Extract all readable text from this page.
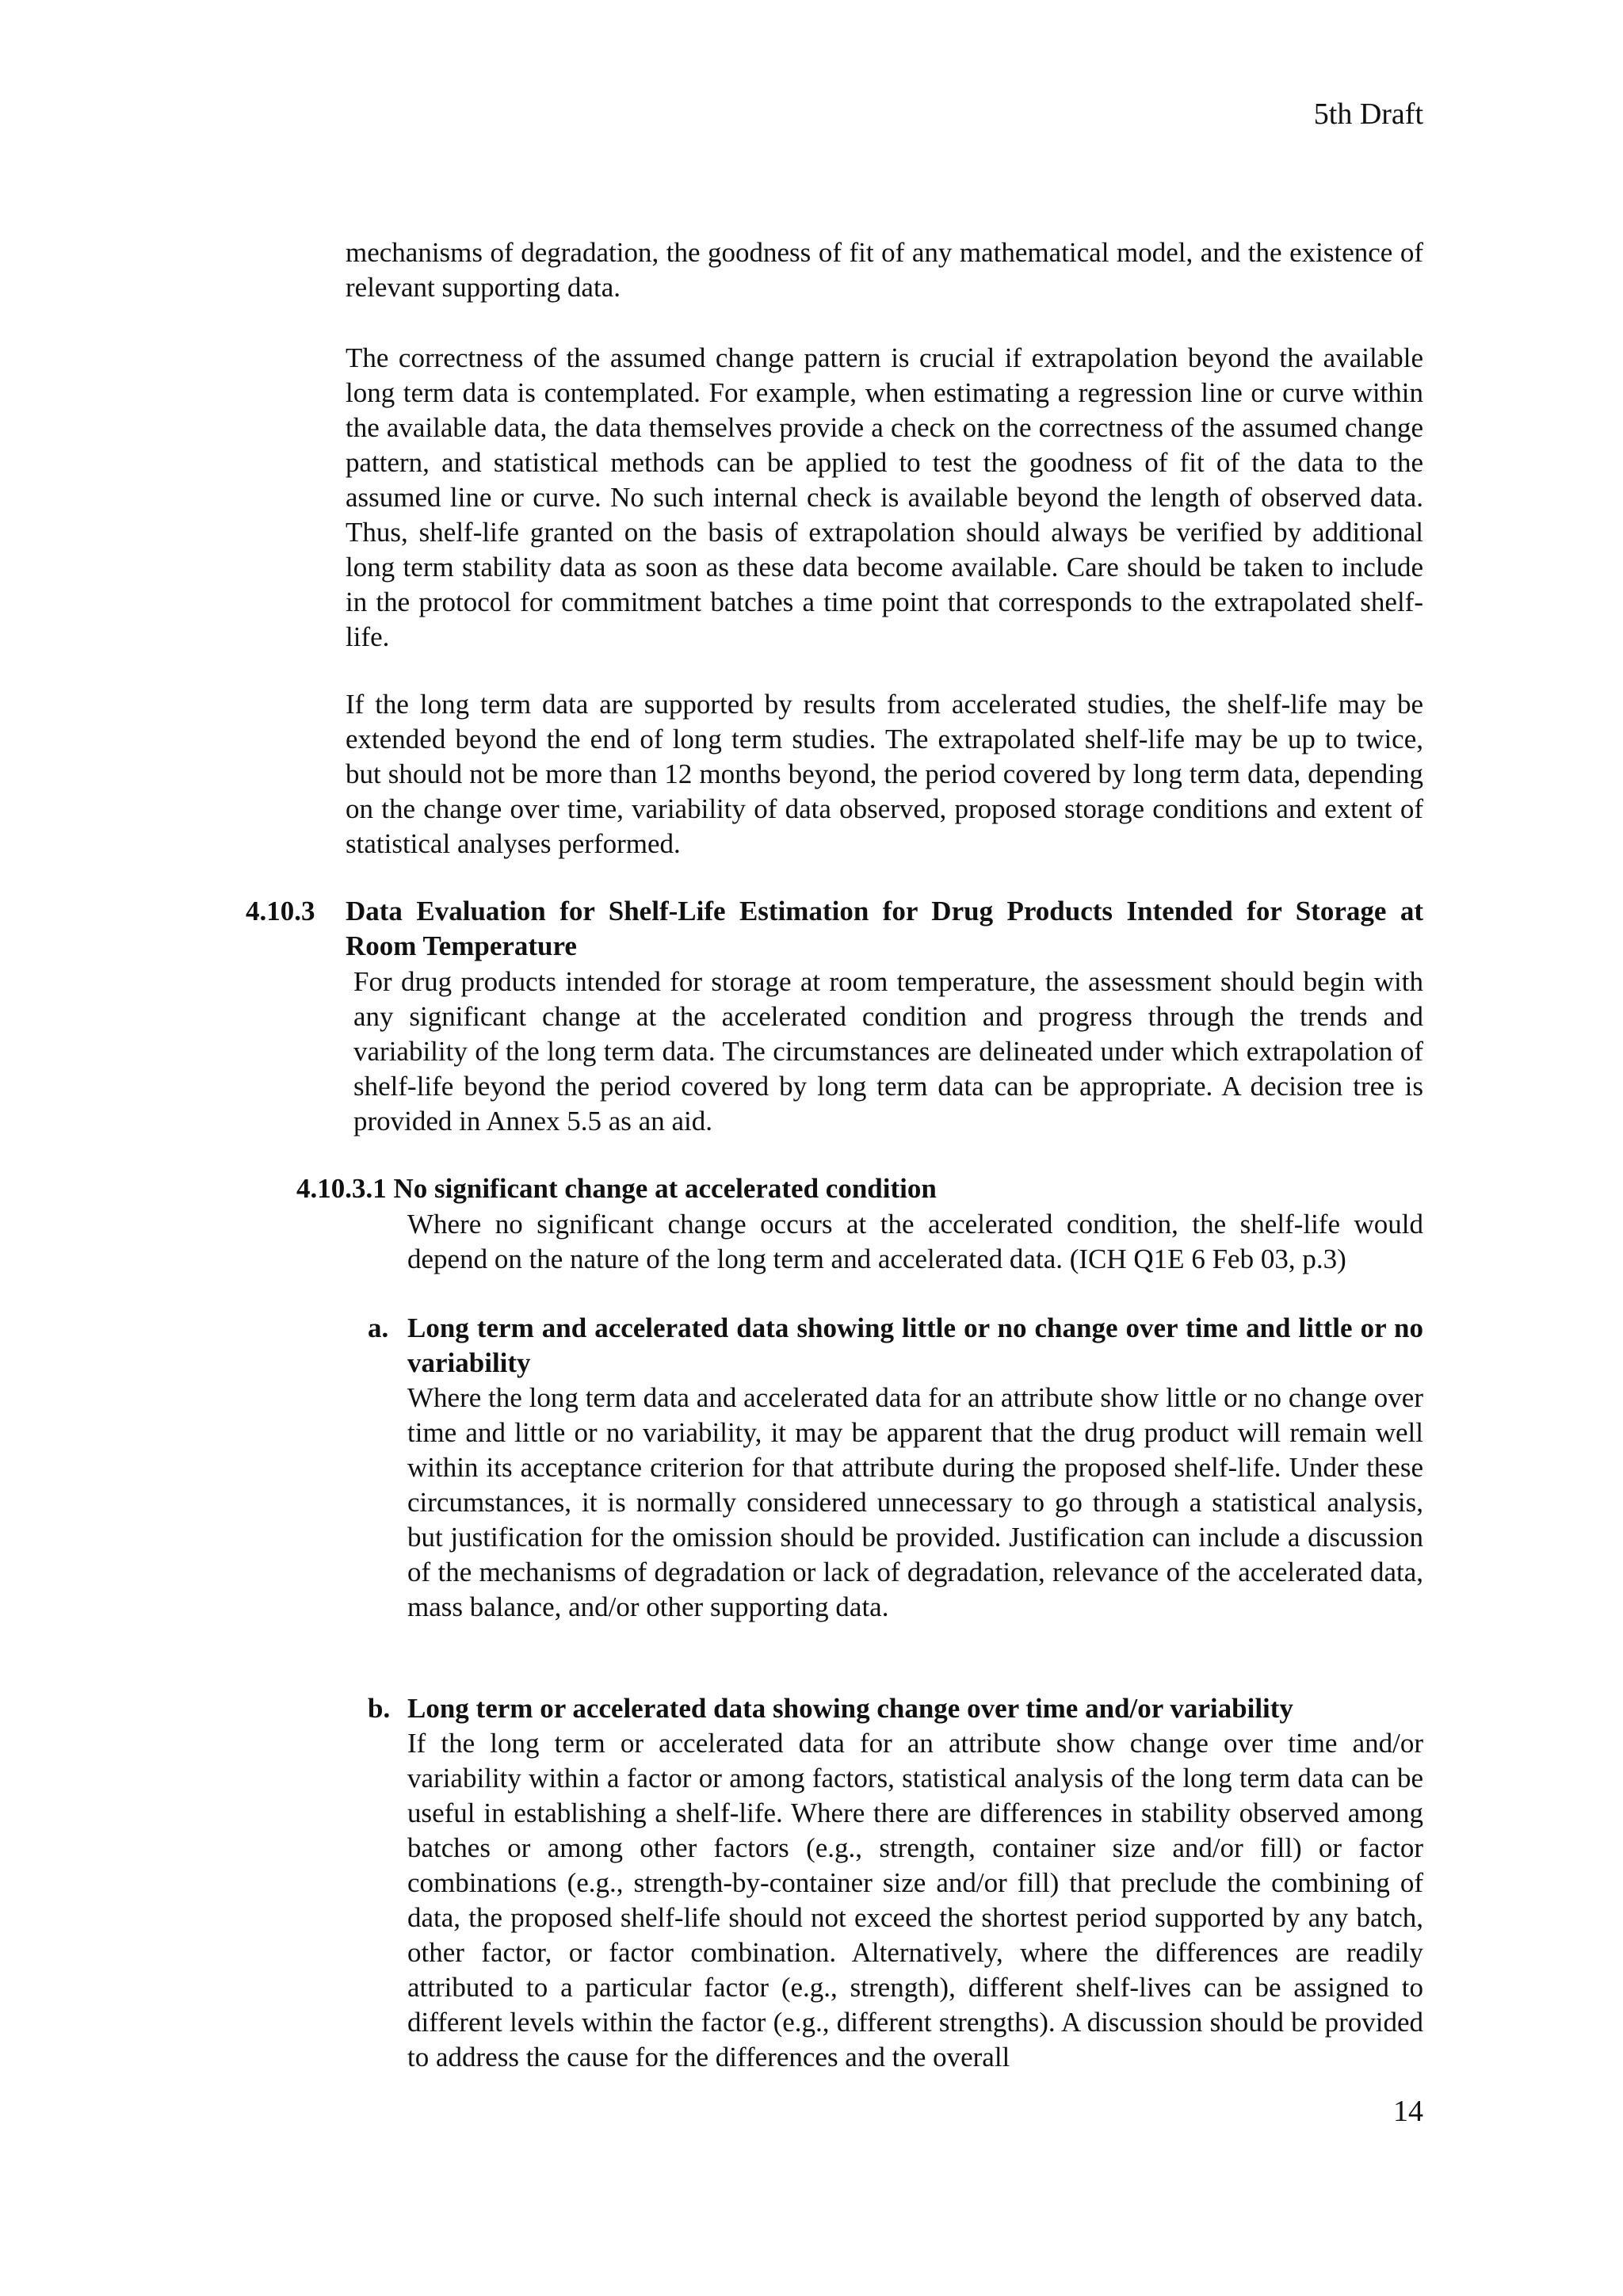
5th Draft

mechanisms of degradation, the goodness of fit of any mathematical model, and the existence of relevant supporting data.

The correctness of the assumed change pattern is crucial if extrapolation beyond the available long term data is contemplated. For example, when estimating a regression line or curve within the available data, the data themselves provide a check on the correctness of the assumed change pattern, and statistical methods can be applied to test the goodness of fit of the data to the assumed line or curve. No such internal check is available beyond the length of observed data. Thus, shelf-life granted on the basis of extrapolation should always be verified by additional long term stability data as soon as these data become available. Care should be taken to include in the protocol for commitment batches a time point that corresponds to the extrapolated shelf-life.

If the long term data are supported by results from accelerated studies, the shelf-life may be extended beyond the end of long term studies. The extrapolated shelf-life may be up to twice, but should not be more than 12 months beyond, the period covered by long term data, depending on the change over time, variability of data observed, proposed storage conditions and extent of statistical analyses performed.

4.10.3 Data Evaluation for Shelf-Life Estimation for Drug Products Intended for Storage at Room Temperature

For drug products intended for storage at room temperature, the assessment should begin with any significant change at the accelerated condition and progress through the trends and variability of the long term data. The circumstances are delineated under which extrapolation of shelf-life beyond the period covered by long term data can be appropriate. A decision tree is provided in Annex 5.5 as an aid.

4.10.3.1 No significant change at accelerated condition

Where no significant change occurs at the accelerated condition, the shelf-life would depend on the nature of the long term and accelerated data. (ICH Q1E 6 Feb 03, p.3)

a. Long term and accelerated data showing little or no change over time and little or no variability
Where the long term data and accelerated data for an attribute show little or no change over time and little or no variability, it may be apparent that the drug product will remain well within its acceptance criterion for that attribute during the proposed shelf-life. Under these circumstances, it is normally considered unnecessary to go through a statistical analysis, but justification for the omission should be provided. Justification can include a discussion of the mechanisms of degradation or lack of degradation, relevance of the accelerated data, mass balance, and/or other supporting data.
b. Long term or accelerated data showing change over time and/or variability
If the long term or accelerated data for an attribute show change over time and/or variability within a factor or among factors, statistical analysis of the long term data can be useful in establishing a shelf-life. Where there are differences in stability observed among batches or among other factors (e.g., strength, container size and/or fill) or factor combinations (e.g., strength-by-container size and/or fill) that preclude the combining of data, the proposed shelf-life should not exceed the shortest period supported by any batch, other factor, or factor combination. Alternatively, where the differences are readily attributed to a particular factor (e.g., strength), different shelf-lives can be assigned to different levels within the factor (e.g., different strengths). A discussion should be provided to address the cause for the differences and the overall
14
